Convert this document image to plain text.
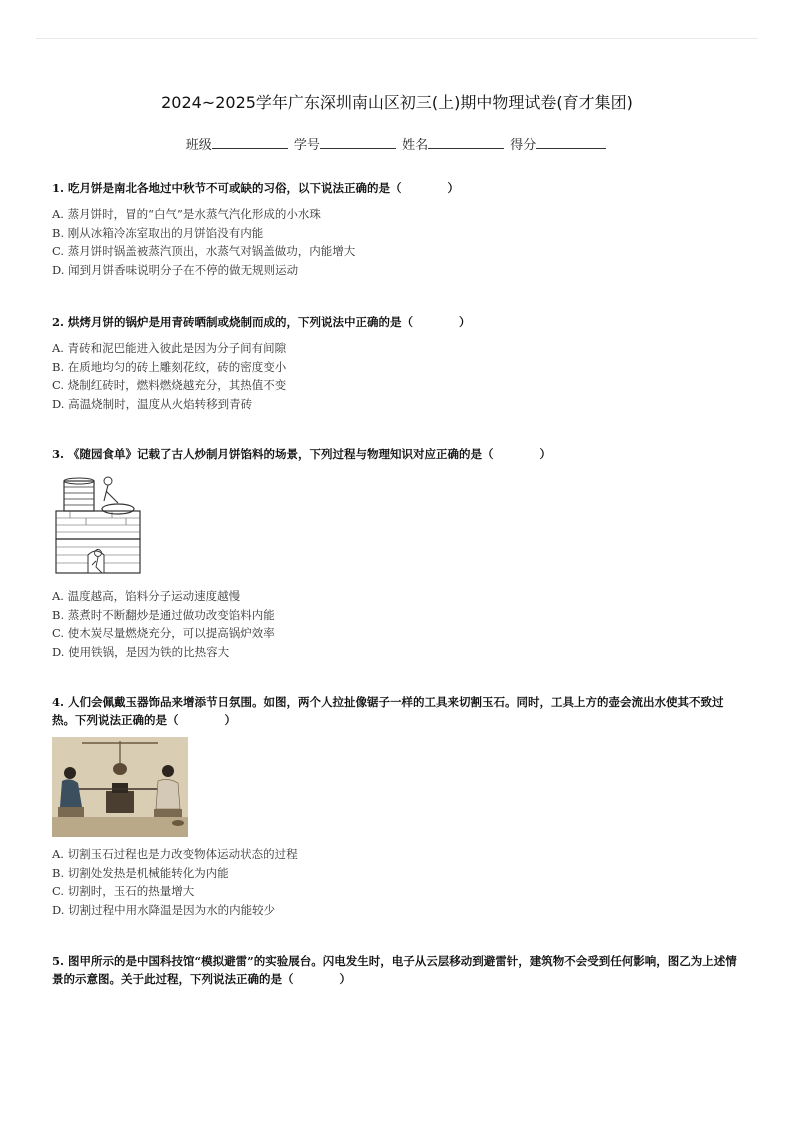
2024~2025学年广东深圳南山区初三(上)期中物理试卷(育才集团)
班级	学号	姓名	得分
1. 吃月饼是南北各地过中秋节不可或缺的习俗，以下说法正确的是（　　　　）
A. 蒸月饼时，冒的“白气”是水蒸气汽化形成的小水珠
B. 刚从冰箱冷冻室取出的月饼馅没有内能
C. 蒸月饼时锅盖被蒸汽顶出，水蒸气对锅盖做功，内能增大
D. 闻到月饼香味说明分子在不停的做无规则运动
2. 烘烤月饼的锅炉是用青砖晒制或烧制而成的，下列说法中正确的是（　　　　）
A. 青砖和泥巴能进入彼此是因为分子间有间隙
B. 在质地均匀的砖上雕刻花纹，砖的密度变小
C. 烧制红砖时，燃料燃烧越充分，其热值不变
D. 高温烧制时，温度从火焰转移到青砖
3. 《随园食单》记载了古人炒制月饼馅料的场景，下列过程与物理知识对应正确的是（　　　　）
A. 温度越高，馅料分子运动速度越慢
B. 蒸煮时不断翻炒是通过做功改变馅料内能
C. 使木炭尽量燃烧充分，可以提高锅炉效率
D. 使用铁锅，是因为铁的比热容大
4. 人们会佩戴玉器饰品来增添节日氛围。如图，两个人拉扯像锯子一样的工具来切割玉石。同时，工具上方的壶会流出水使其不致过热。下列说法正确的是（　　　　）
A. 切割玉石过程也是力改变物体运动状态的过程
B. 切割处发热是机械能转化为内能
C. 切割时，玉石的热量增大
D. 切割过程中用水降温是因为水的内能较少
5. 图甲所示的是中国科技馆“模拟避雷”的实验展台。闪电发生时，电子从云层移动到避雷针，建筑物不会受到任何影响，图乙为上述情景的示意图。关于此过程，下列说法正确的是（　　　　）
